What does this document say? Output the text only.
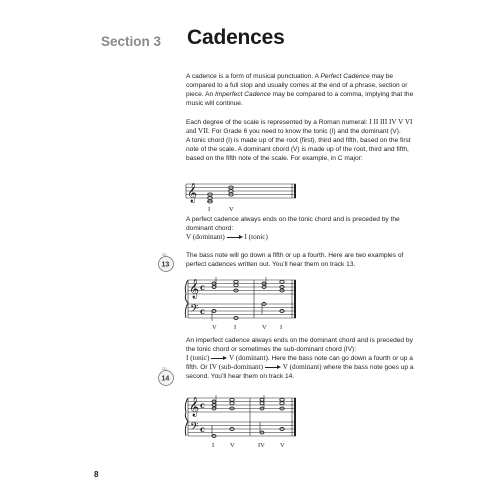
Section 3 Cadences

A cadence is a form of musical punctuation. A Perfect Cadence may be compared to a full stop and usually comes at the end of a phrase, section or piece. An Imperfect Cadence may be compared to a comma, implying that the music will continue.

Each degree of the scale is represented by a Roman numeral: I II III IV V VI and VII. For Grade 6 you need to know the tonic (I) and the dominant (V).

A tonic chord (I) is made up of the root (first), third and fifth, based on the first note of the scale. A dominant chord (V) is made up of the root, third and fifth, based on the fifth note of the scale. For example, in C major:

𝄞
I	V

A perfect cadence always ends on the tonic chord and is preceded by the dominant chord:

V (dominant)	I (tonic)

CD
13

The bass note will go down a fifth or up a fourth. Here are two examples of perfect cadences written out. You’ll hear them on track 13.

𝄞
𝄢
c
c
V	I	V I

An imperfect cadence always ends on the dominant chord and is preceded by the tonic chord or sometimes the sub-dominant chord (IV):

I (tonic)	V (dominant). Here the bass note can go down a fourth or up a fifth. Or IV (sub-dominant)	V (dominant) where the bass note goes up a second. You’ll hear them on track 14.

CD
14
𝄞
𝄢
c
c
I V	IV V
8
